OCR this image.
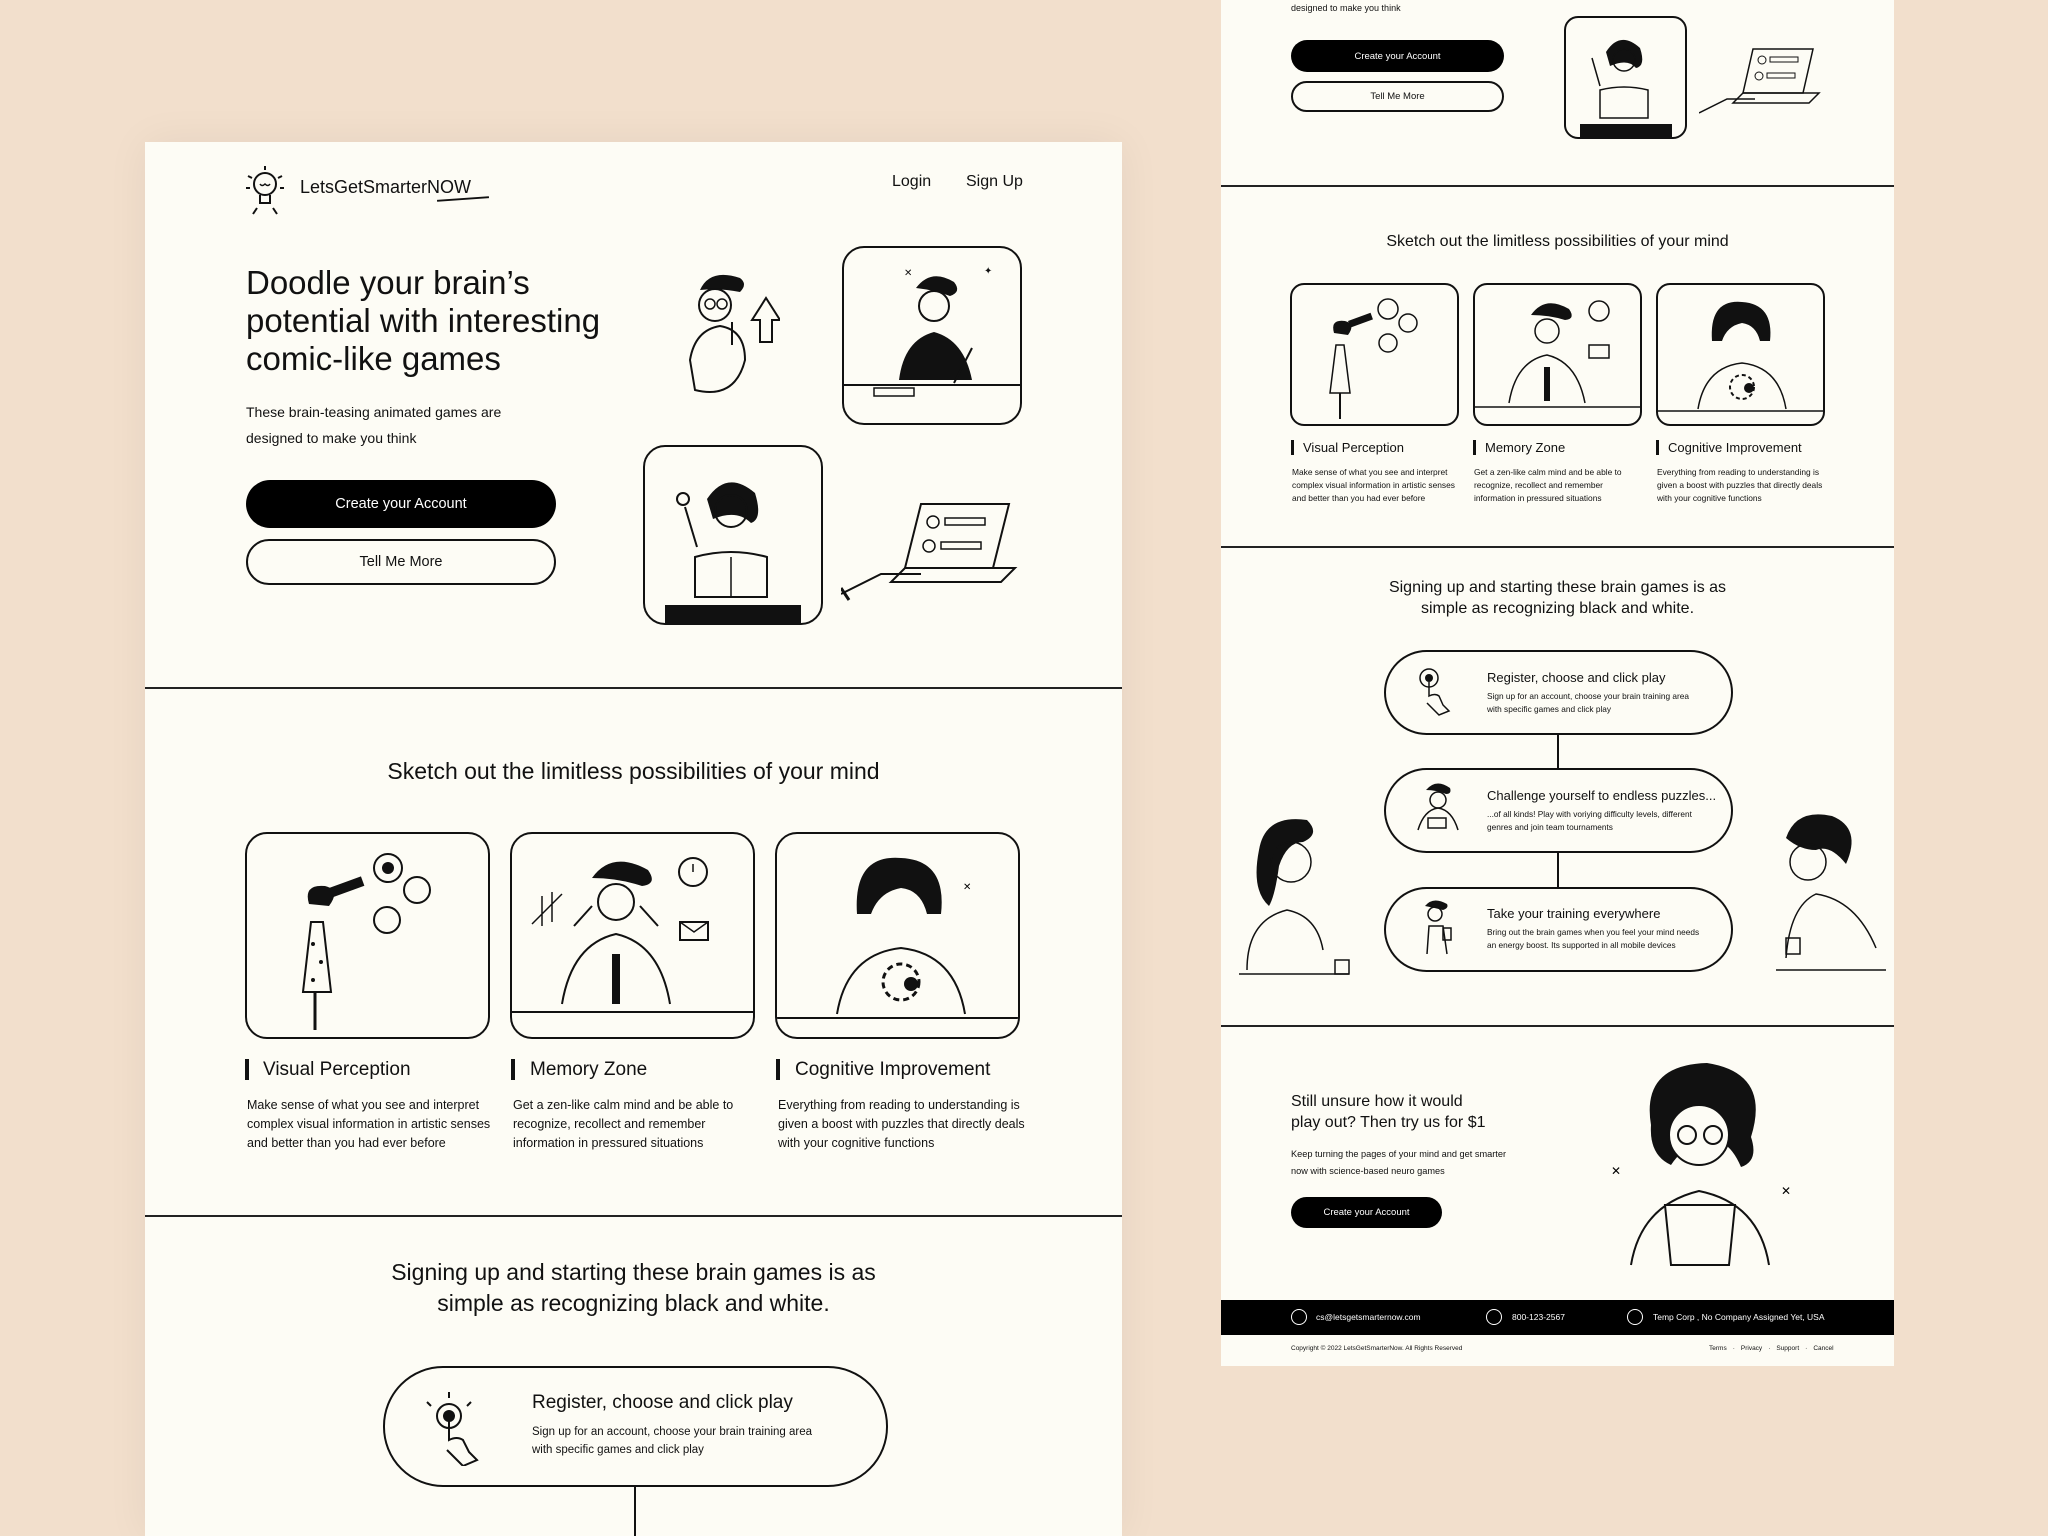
LetsGetSmarterNOW	Login Sign Up
Doodle your brain’s
potential with interesting
comic-like games
These brain-teasing animated games are
designed to make you think
Create your Account
Tell Me More
✕	✦
Sketch out the limitless possibilities of your mind
✕
Visual Perception
Make sense of what you see and interpret
complex visual information in artistic senses
and better than you had ever before
Memory Zone
Get a zen-like calm mind and be able to
recognize, recollect and remember
information in pressured situations
Cognitive Improvement
Everything from reading to understanding is
given a boost with puzzles that directly deals
with your cognitive functions
Signing up and starting these brain games is as
simple as recognizing black and white.
Register, choose and click play
Sign up for an account, choose your brain training area
with specific games and click play
designed to make you think
Create your Account
Tell Me More
Sketch out the limitless possibilities of your mind
Visual Perception
Make sense of what you see and interpret
complex visual information in artistic senses
and better than you had ever before
Memory Zone
Get a zen-like calm mind and be able to
recognize, recollect and remember
information in pressured situations
Cognitive Improvement
Everything from reading to understanding is
given a boost with puzzles that directly deals
with your cognitive functions
Signing up and starting these brain games is as
simple as recognizing black and white.
Register, choose and click play
Sign up for an account, choose your brain training area
with specific games and click play
Challenge yourself to endless puzzles...
...of all kinds! Play with voriying difficulty levels, different
genres and join team tournaments
Take your training everywhere
Bring out the brain games when you feel your mind needs
an energy boost. Its supported in all mobile devices
Still unsure how it would
play out? Then try us for $1
Keep turning the pages of your mind and get smarter
now with science-based neuro games
Create your Account
✕
✕
cs@letsgetsmarternow.com	800-123-2567	Temp Corp , No Company Assigned Yet, USA
Copyright © 2022 LetsGetSmarterNow. All Rights Reserved	Terms · Privacy · Support · Cancel
